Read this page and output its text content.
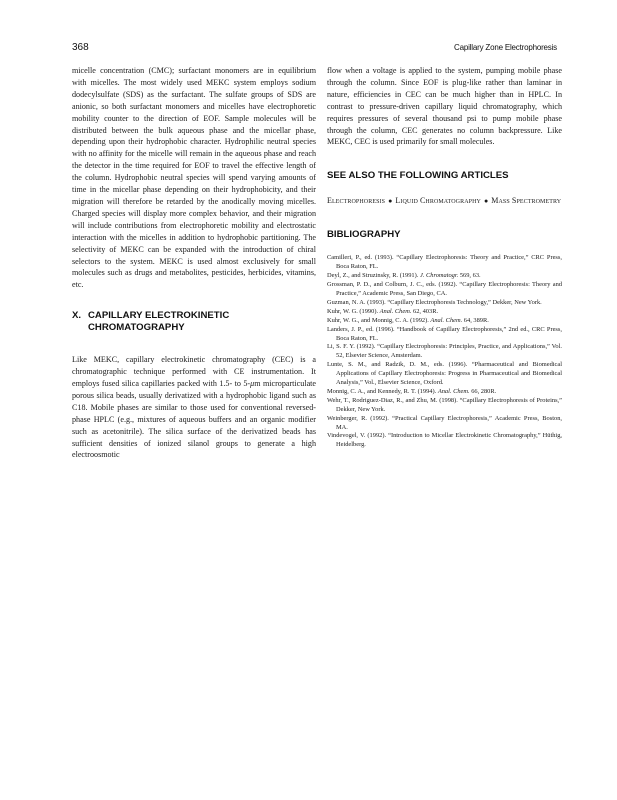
368	Capillary Zone Electrophoresis

micelle concentration (CMC); surfactant monomers are in equilibrium with micelles. The most widely used MEKC system employs sodium dodecylsulfate (SDS) as the surfactant. The sulfate groups of SDS are anionic, so both surfactant monomers and micelles have electrophoretic mobility counter to the direction of EOF. Sample molecules will be distributed between the bulk aqueous phase and the micellar phase, depending upon their hydrophobic character. Hydrophilic neutral species with no affinity for the micelle will remain in the aqueous phase and reach the detector in the time required for EOF to travel the effective length of the column. Hydrophobic neutral species will spend varying amounts of time in the micellar phase depending on their hydrophobicity, and their migration will therefore be retarded by the anodically moving micelles. Charged species will display more complex behavior, and their migration will include contributions from electrophoretic mobility and electrostatic interaction with the micelles in addition to hydrophobic partitioning. The selectivity of MEKC can be expanded with the introduction of chiral selectors to the system. MEKC is used almost exclusively for small molecules such as drugs and metabolites, pesticides, herbicides, vitamins, etc.

X. CAPILLARY ELECTROKINETIC CHROMATOGRAPHY

Like MEKC, capillary electrokinetic chromatography (CEC) is a chromatographic technique performed with CE instrumentation. It employs fused silica capillaries packed with 1.5- to 5-μm microparticulate porous silica beads, usually derivatized with a hydrophobic ligand such as C18. Mobile phases are similar to those used for conventional reversed-phase HPLC (e.g., mixtures of aqueous buffers and an organic modifier such as acetonitrile). The silica surface of the derivatized beads has sufficient densities of ionized silanol groups to generate a high electroosmotic

flow when a voltage is applied to the system, pumping mobile phase through the column. Since EOF is plug-like rather than laminar in nature, efficiencies in CEC can be much higher than in HPLC. In contrast to pressure-driven capillary liquid chromatography, which requires pressures of several thousand psi to pump mobile phase through the column, CEC generates no column backpressure. Like MEKC, CEC is used primarily for small molecules.

SEE ALSO THE FOLLOWING ARTICLES

Electrophoresis ● Liquid Chromatography ● Mass Spectrometry

BIBLIOGRAPHY
Camilleri, P., ed. (1993). “Capillary Electrophoresis: Theory and Practice,” CRC Press, Boca Raton, FL.
Deyl, Z., and Struzinsky, R. (1991). J. Chromatogr. 569, 63.
Grossman, P. D., and Colburn, J. C., eds. (1992). “Capillary Electrophoresis: Theory and Practice,” Academic Press, San Diego, CA.
Guzman, N. A. (1993). “Capillary Electrophoresis Technology,” Dekker, New York.
Kuhr, W. G. (1990). Anal. Chem. 62, 403R.
Kuhr, W. G., and Monnig, C. A. (1992). Anal. Chem. 64, 389R.
Landers, J. P., ed. (1996). “Handbook of Capillary Electrophoresis,” 2nd ed., CRC Press, Boca Raton, FL.
Li, S. F. Y. (1992). “Capillary Electrophoresis: Principles, Practice, and Applications,” Vol. 52, Elsevier Science, Amsterdam.
Lunte, S. M., and Radzik, D. M., eds. (1996). “Pharmaceutical and Biomedical Applications of Capillary Electrophoresis: Progress in Pharmaceutical and Biomedical Analysis,” Vol., Elsevier Science, Oxford.
Monnig, C. A., and Kennedy, R. T. (1994). Anal. Chem. 66, 280R.
Wehr, T., Rodriguez-Diaz, R., and Zhu, M. (1998). “Capillary Electrophoresis of Proteins,” Dekker, New York.
Weinberger, R. (1992). “Practical Capillary Electrophoresis,” Academic Press, Boston, MA.
Vindevogel, V. (1992). “Introduction to Micellar Electrokinetic Chromatography,” Hüthig, Heidelberg.
